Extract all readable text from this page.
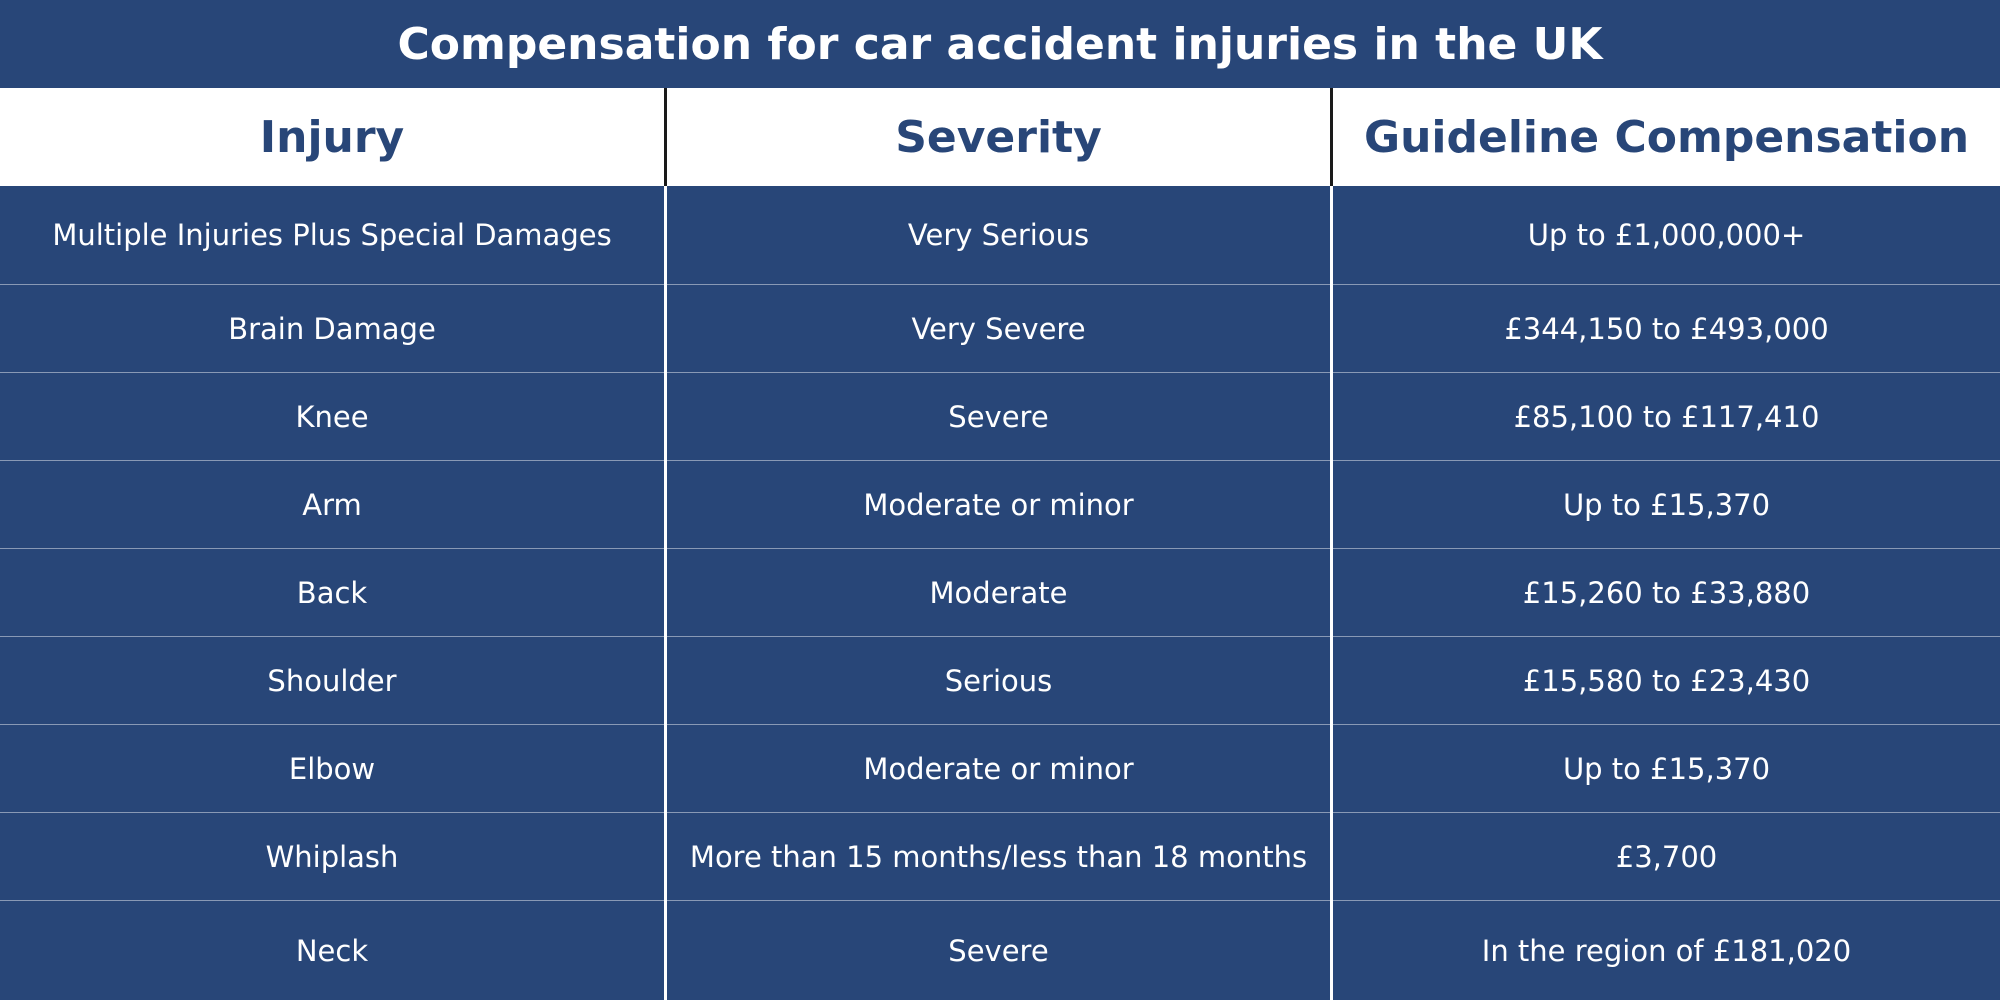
Compensation for car accident injuries in the UK
Injury	Severity	Guideline Compensation
Multiple Injuries Plus Special Damages	Very Serious	Up to £1,000,000+
Brain Damage	Very Severe	£344,150 to £493,000
Knee	Severe	£85,100 to £117,410
Arm	Moderate or minor	Up to £15,370
Back	Moderate	£15,260 to £33,880
Shoulder	Serious	£15,580 to £23,430
Elbow	Moderate or minor	Up to £15,370
Whiplash	More than 15 months/less than 18 months	£3,700
Neck	Severe	In the region of £181,020
